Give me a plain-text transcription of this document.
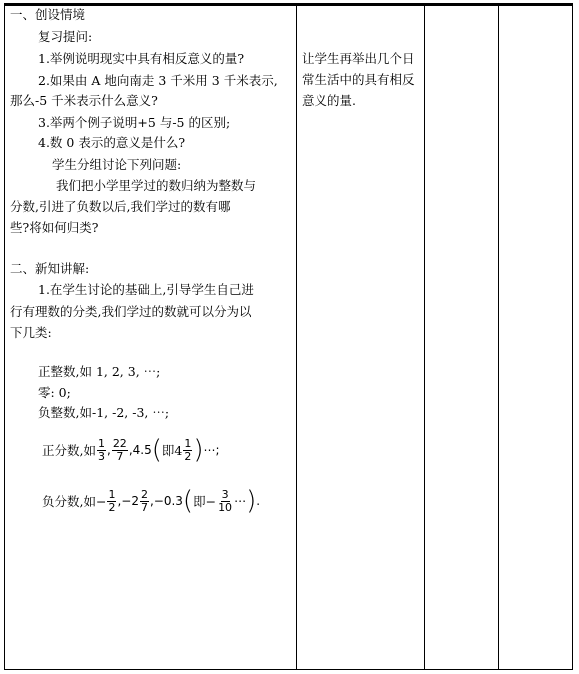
一、创设情境
复习提问:
1.举例说明现实中具有相反意义的量?
2.如果由 A 地向南走 3 千米用 3 千米表示,
那么-5 千米表示什么意义?
3.举两个例子说明+5 与-5 的区别;
4.数 0 表示的意义是什么?
学生分组讨论下列问题:
我们把小学里学过的数归纳为整数与
分数,引进了负数以后,我们学过的数有哪
些?将如何归类?
二、新知讲解:
1.在学生讨论的基础上,引导学生自己进
行有理数的分类,我们学过的数就可以分为以
下几类:
正整数,如 1, 2, 3, ⋯;
零: 0;
负整数,如-1, -2, -3, ⋯;
正分数,如 $\frac{1}{3}$ , $\frac{22}{7} ,4.5$ ( 即$4 \frac{1}{2}$ ) ⋯;
负分数,如− $\frac{1}{2} ,-2 \frac{2}{7} ,-0.3$ ( 即− $\frac{3}{10}$ ⋯ ) .
让学生再举出几个日常生活中的具有相反意义的量.
